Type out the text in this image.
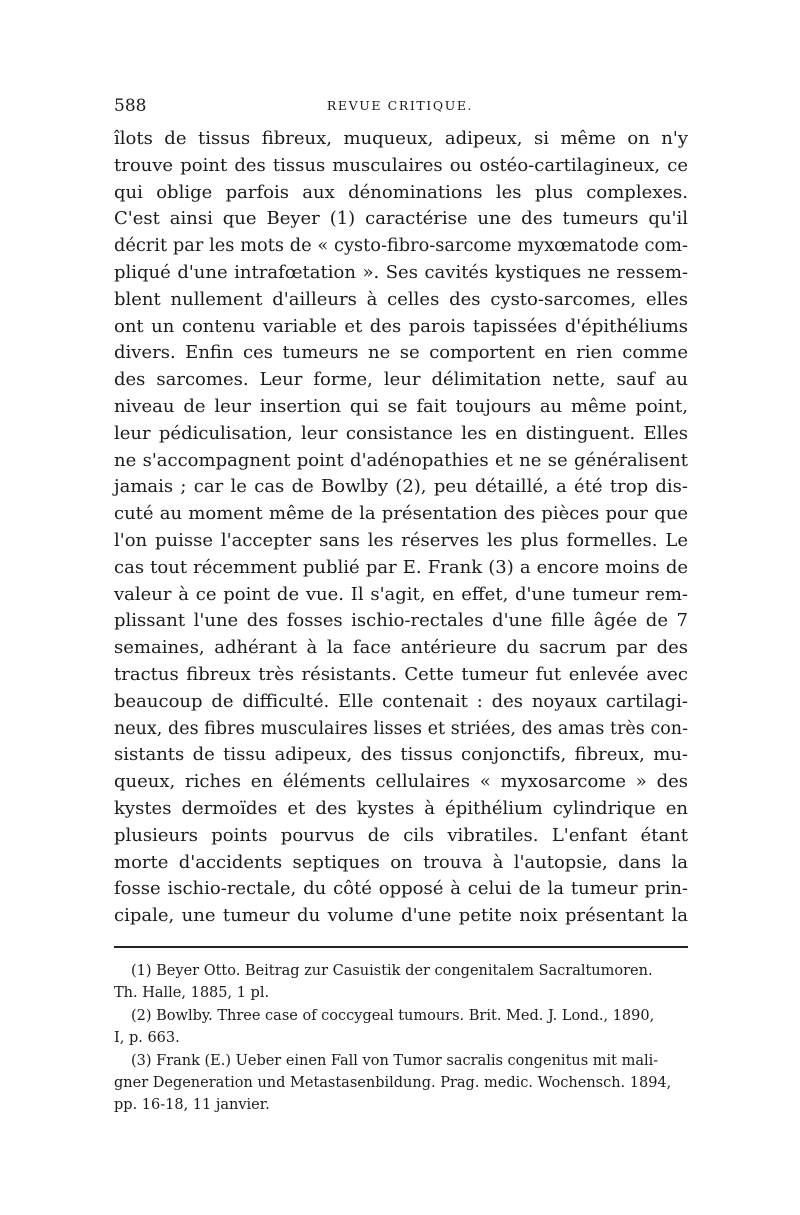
588	REVUE CRITIQUE.
îlots de tissus fibreux, muqueux, adipeux, si même on n'y
trouve point des tissus musculaires ou ostéo-cartilagineux, ce
qui oblige parfois aux dénominations les plus complexes.
C'est ainsi que Beyer (1) caractérise une des tumeurs qu'il
décrit par les mots de « cysto-fibro-sarcome myxœmatode com-
pliqué d'une intrafœtation ». Ses cavités kystiques ne ressem-
blent nullement d'ailleurs à celles des cysto-sarcomes, elles
ont un contenu variable et des parois tapissées d'épithéliums
divers. Enfin ces tumeurs ne se comportent en rien comme
des sarcomes. Leur forme, leur délimitation nette, sauf au
niveau de leur insertion qui se fait toujours au même point,
leur pédiculisation, leur consistance les en distinguent. Elles
ne s'accompagnent point d'adénopathies et ne se généralisent
jamais ; car le cas de Bowlby (2), peu détaillé, a été trop dis-
cuté au moment même de la présentation des pièces pour que
l'on puisse l'accepter sans les réserves les plus formelles. Le
cas tout récemment publié par E. Frank (3) a encore moins de
valeur à ce point de vue. Il s'agit, en effet, d'une tumeur rem-
plissant l'une des fosses ischio-rectales d'une fille âgée de 7
semaines, adhérant à la face antérieure du sacrum par des
tractus fibreux très résistants. Cette tumeur fut enlevée avec
beaucoup de difficulté. Elle contenait : des noyaux cartilagi-
neux, des fibres musculaires lisses et striées, des amas très con-
sistants de tissu adipeux, des tissus conjonctifs, fibreux, mu-
queux, riches en éléments cellulaires « myxosarcome » des
kystes dermoïdes et des kystes à épithélium cylindrique en
plusieurs points pourvus de cils vibratiles. L'enfant étant
morte d'accidents septiques on trouva à l'autopsie, dans la
fosse ischio-rectale, du côté opposé à celui de la tumeur prin-
cipale, une tumeur du volume d'une petite noix présentant la
(1) Beyer Otto. Beitrag zur Casuistik der congenitalem Sacraltumoren.
Th. Halle, 1885, 1 pl.
(2) Bowlby. Three case of coccygeal tumours. Brit. Med. J. Lond., 1890,
I, p. 663.
(3) Frank (E.) Ueber einen Fall von Tumor sacralis congenitus mit mali-
gner Degeneration und Metastasenbildung. Prag. medic. Wochensch. 1894,
pp. 16-18, 11 janvier.
